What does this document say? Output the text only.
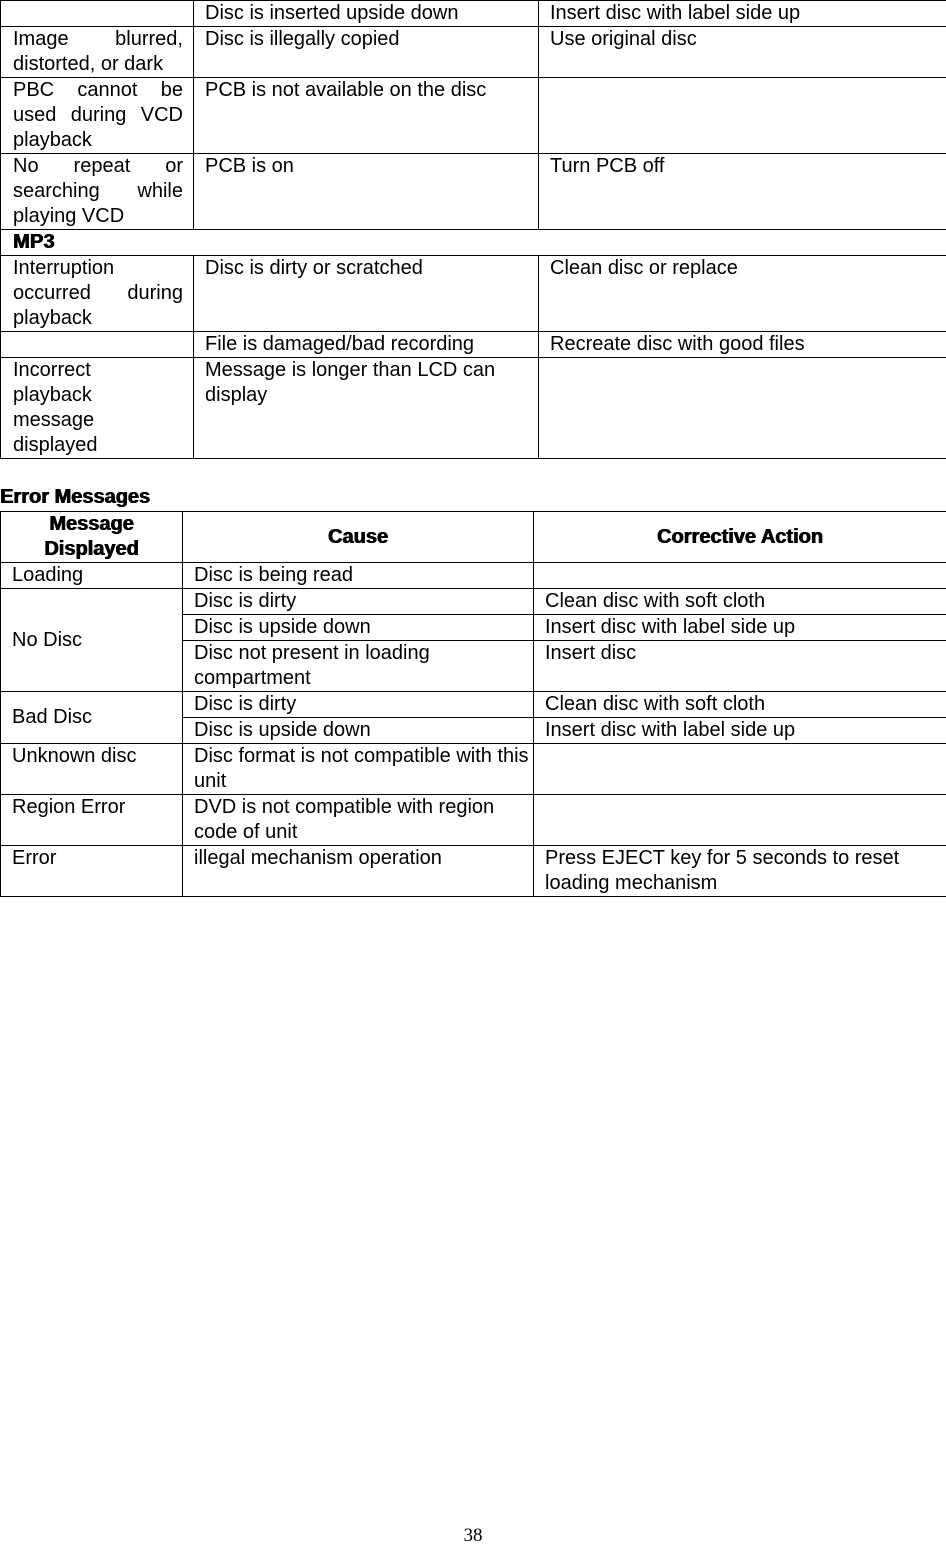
	Disc is inserted upside down	Insert disc with label side up
Image blurred, distorted, or dark	Disc is illegally copied	Use original disc
PBC cannot be used during VCD playback	PCB is not available on the disc	
No repeat or searching while playing VCD	PCB is on	Turn PCB off
MP3		
Interruption occurred during playback	Disc is dirty or scratched	Clean disc or replace
	File is damaged/bad recording	Recreate disc with good files
Incorrect playback message displayed	Message is longer than LCD can display	
Error Messages
Message Displayed	Cause	Corrective Action
Loading	Disc is being read	
No Disc	Disc is dirty	Clean disc with soft cloth
	Disc is upside down	Insert disc with label side up
	Disc not present in loading compartment	Insert disc
Bad Disc	Disc is dirty	Clean disc with soft cloth
	Disc is upside down	Insert disc with label side up
Unknown disc	Disc format is not compatible with this unit	
Region Error	DVD is not compatible with region code of unit	
Error	illegal mechanism operation	Press EJECT key for 5 seconds to reset loading mechanism

38
